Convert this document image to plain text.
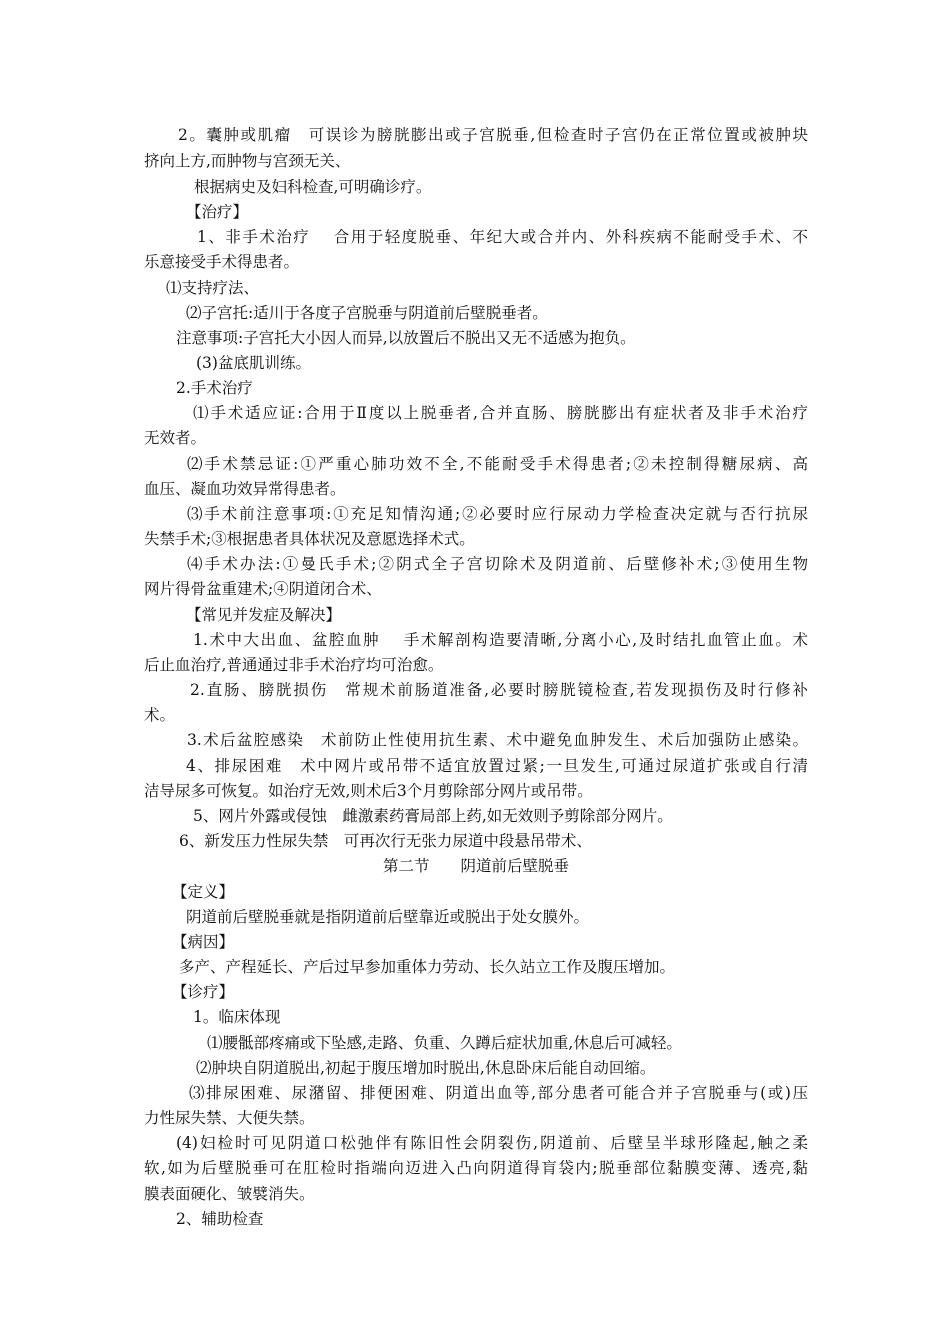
2。囊肿或肌瘤　可误诊为膀胱膨出或子宫脱垂,但检查时子宫仍在正常位置或被肿块
挤向上方,而肿物与宫颈无关、
根据病史及妇科检查,可明确诊疗。
【治疗】
1、非手术治疗　 合用于轻度脱垂、年纪大或合并内、外科疾病不能耐受手术、不
乐意接受手术得患者。
⑴支持疗法、
⑵子宫托:适川于各度子宫脱垂与阴道前后壁脱垂者。
注意事项:子宫托大小因人而异,以放置后不脱出又无不适感为抱负。
(3)盆底肌训练。
2.手术治疗
⑴手术适应证:合用于Ⅱ度以上脱垂者,合并直肠、膀胱膨出有症状者及非手术治疗
无效者。
⑵手术禁忌证:①严重心肺功效不全,不能耐受手术得患者;②未控制得糖尿病、高
血压、凝血功效异常得患者。
⑶手术前注意事项:①充足知情沟通;②必要时应行尿动力学检查决定就与否行抗尿
失禁手术;③根据患者具体状况及意愿选择术式。
⑷手术办法:①曼氏手术;②阴式全子宫切除术及阴道前、后壁修补术;③使用生物
网片得骨盆重建术;④阴道闭合术、
【常见并发症及解决】
1.术中大出血、盆腔血肿　 手术解剖构造要清晰,分离小心,及时结扎血管止血。术
后止血治疗,普通通过非手术治疗均可治愈。
2.直肠、膀胱损伤　常规术前肠道准备,必要时膀胱镜检查,若发现损伤及时行修补
术。
3.术后盆腔感染　术前防止性使用抗生素、术中避免血肿发生、术后加强防止感染。
4、排尿困难　术中网片或吊带不适宜放置过紧;一旦发生,可通过尿道扩张或自行清
洁导尿多可恢复。如治疗无效,则术后3个月剪除部分网片或吊带。
5、网片外露或侵蚀　雌激素药膏局部上药,如无效则予剪除部分网片。
6、新发压力性尿失禁　可再次行无张力尿道中段悬吊带术、
第二节　　阴道前后壁脱垂
【定义】
阴道前后壁脱垂就是指阴道前后壁靠近或脱出于处女膜外。
【病因】
多产、产程延长、产后过早参加重体力劳动、长久站立工作及腹压增加。
【诊疗】
1。临床体现
⑴腰骶部疼痛或下坠感,走路、负重、久蹲后症状加重,休息后可减轻。
⑵肿块自阴道脱出,初起于腹压增加时脱出,休息卧床后能自动回缩。
⑶排尿困难、尿潴留、排便困难、阴道出血等,部分患者可能合并子宫脱垂与(或)压
力性尿失禁、大便失禁。
(4)妇检时可见阴道口松弛伴有陈旧性会阴裂伤,阴道前、后壁呈半球形隆起,触之柔
软,如为后壁脱垂可在肛检时指端向迈进入凸向阴道得肓袋内;脱垂部位黏膜变薄、透亮,黏
膜表面硬化、皱襞消失。
2、辅助检查
